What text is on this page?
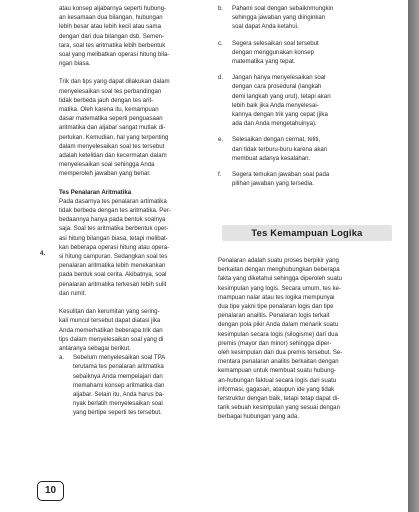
atau konsep aljabarnya seperti hubung-

an kesamaan dua bilangan, hubungan

lebih besar atau lebih kecil atau sama

dengan dari dua bilangan dsb. Semen-

tara, soal tes aritmatika lebih berbentuk

soal yang melibatkan operasi hitung bila-

ngan biasa.

Trik dan tips yang dapat dilakukan dalam

menyelesaikan soal tes perbandingan

tidak berbeda jauh dengan tes arit-

matika. Oleh karena itu, kemampuan

dasar matematika seperti penguasaan

aritmatika dan aljabar sangat mutlak di-

perlukan. Kemudian, hal yang terpenting

dalam menyelesaikan soal tes tersebut

adalah ketelitian dan kecermatan dalam

menyelesaikan soal sehingga Anda

memperoleh jawaban yang benar.

Tes Penalaran Aritmatika

Pada dasarnya tes penalaran artimatika

tidak berbeda dengan tes aritmatika. Per-

bedaannya hanya pada bentuk soalnya

saja. Soal tes aritmatika berbentuk oper-

asi hitung bilangan biasa, tetapi melibat-

kan beberapa operasi hitung atau opera-

si hitung campuran. Sedangkan soal tes

penalaran aritmatika lebih menekankan

pada bentuk soal cerita. Akibatnya, soal

penalaran aritmatika terkesan lebih sulit

dan rumit.

Kesulitan dan kerumitan yang sering-

kali muncul tersebut dapat diatasi jika

Anda memerhatikan beberapa trik dan

tips dalam menyelesaikan soal yang di

antaranya sebagai berikut.

a. Sebelum menyelesaikan soal TPA

terutama tes penalaran aritmatika

sebaiknya Anda mempelajari dan

memahami konsep aritmatika dan

aljabar. Selain itu, Anda harus ba-

nyak berlatih menyelesaikan soal

yang bertipe seperti tes tersebut.

4.
b. Pahami soal dengan sebaiknmungkin

sehingga jawaban yang diinginkan

soal dapat Anda ketahui.

c. Segera selesaikan soal tersebut

dengan menggunakan konsep

matematika yang tepat.

d. Jangan hanya menyelesaikan soal

dengan cara prosedural (langkah

demi langkah yang urut), tetapi akan

lebih baik jika Anda menyelesai-

kannya dengan trik yang cepat (jika

ada dan Anda mengetahuinya).

e. Selesaikan dengan cermat, teliti,

dan tidak terburu-buru karena akan

membuat adanya kesalahan.

f. Segera temukan jawaban soal pada

pilihan jawaban yang tersedia.

Tes Kemampuan Logika

Penalaran adalah suatu proses berpikir yang

berkaitan dengan menghubungkan beberapa

fakta yang diketahui sehingga diperoleh suatu

kesimpulan yang logis. Secara umum, tes ke-

mampuan nalar atau tes logika mempunyai

dua tipe yakni tipe penalaran logis dan tipe

penalaran analitis. Penalaran logis terkait

dengan pola pikir Anda dalam menarik suatu

kesimpulan secara logis (silogisme) dari dua

premis (mayor dan minor) sehingga diper-

oleh kesimpulan dari dua premis tersebut. Se-

mentara penalaran analitis berkaitan dengan

kemampuan untuk membuat suatu hubung-

an-hubungan faktual secara logis dari suatu

informasi, gagasan, ataupun ide yang tidak

terstruktur dengan baik, tetapi tetap dapat di-

tarik sebuah kesimpulan yang sesuai dengan

berbagai hubungan yang ada.

10
